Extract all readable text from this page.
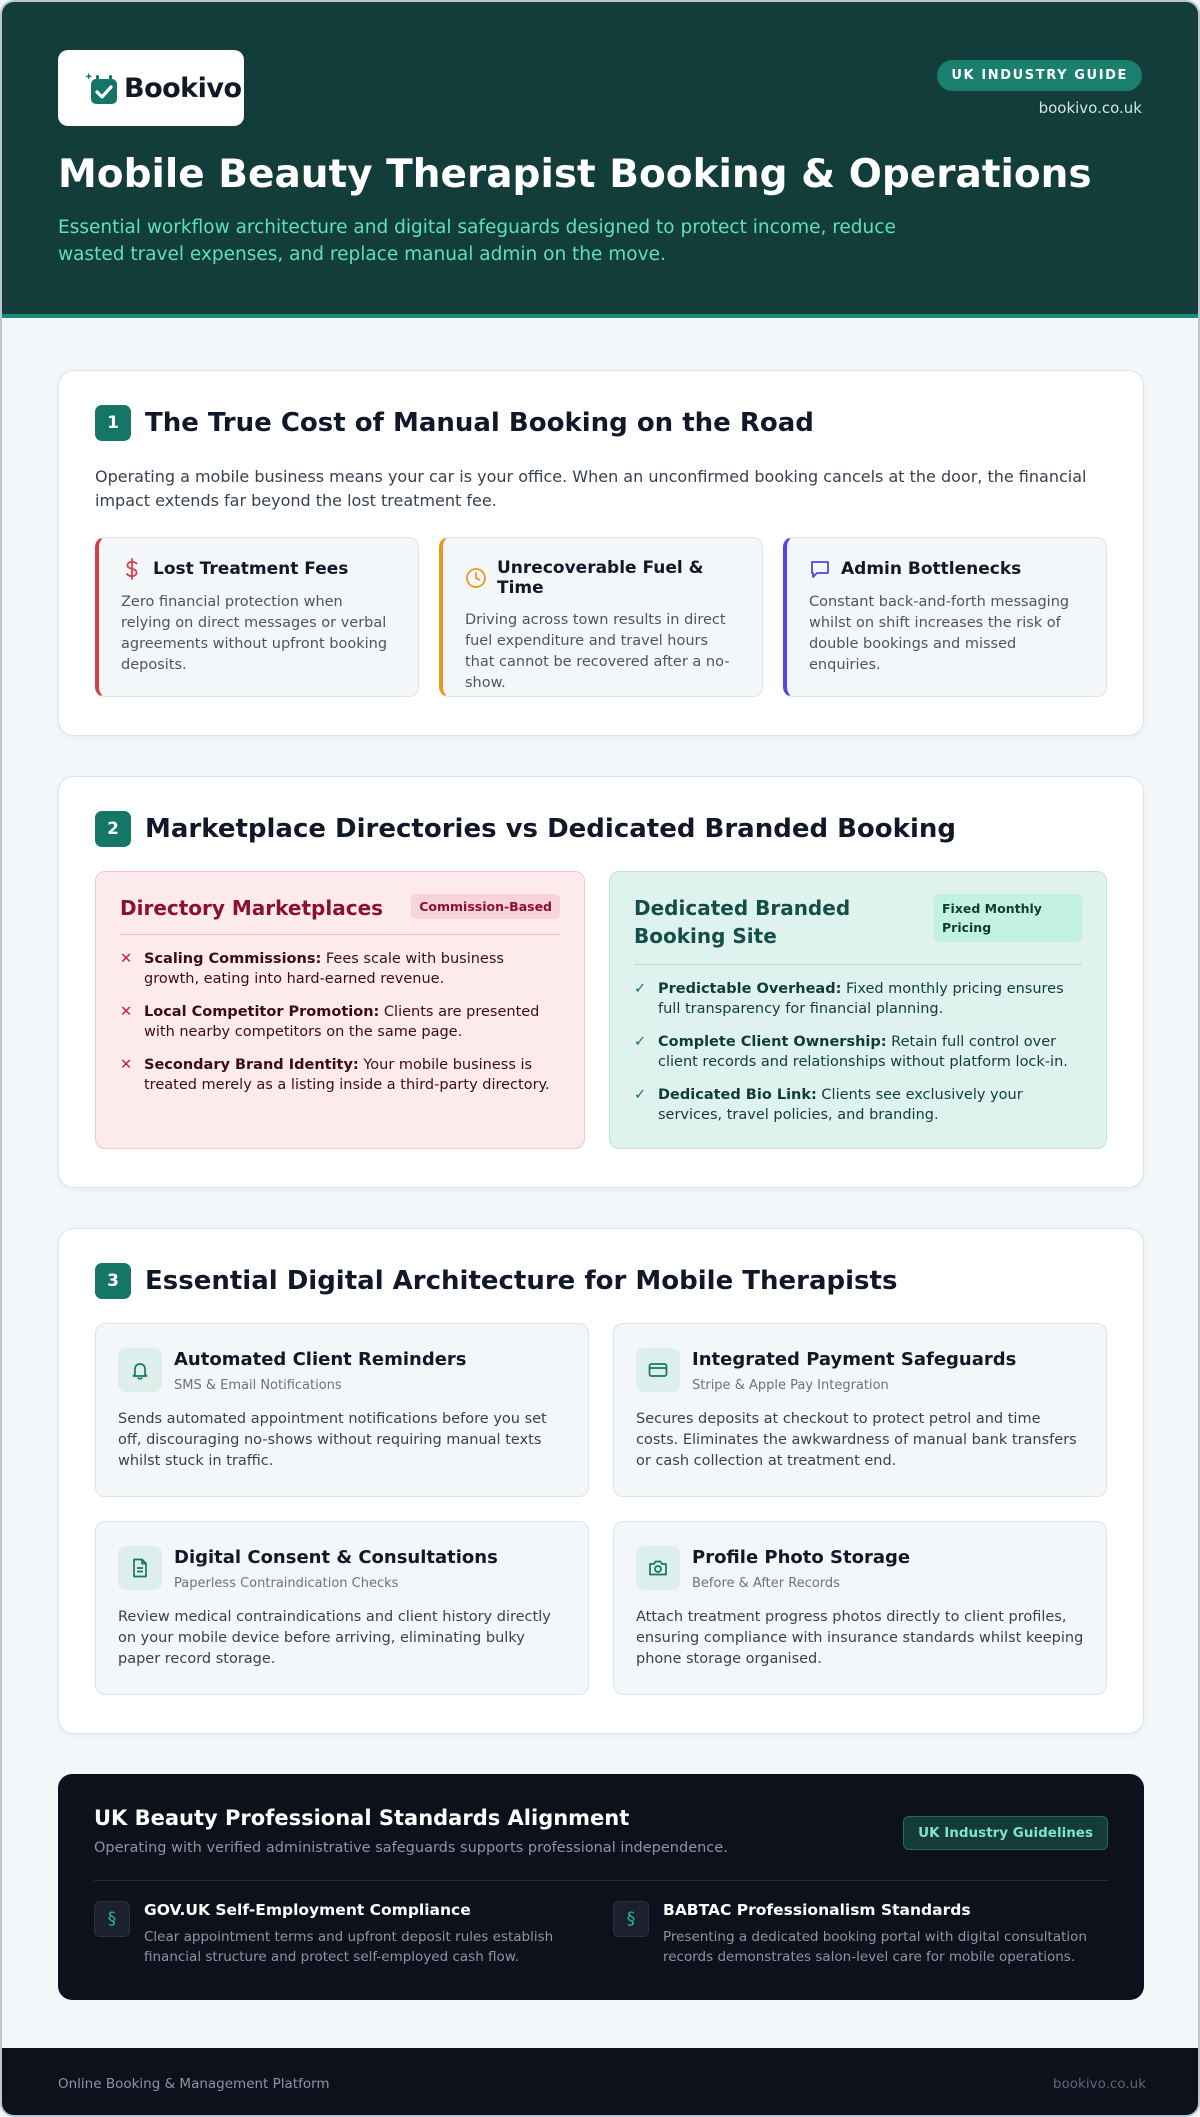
Bookivo	UK INDUSTRY GUIDE
bookivo.co.uk
Mobile Beauty Therapist Booking & Operations

Essential workflow architecture and digital safeguards designed to protect income, reduce wasted travel expenses, and replace manual admin on the move.

1	The True Cost of Manual Booking on the Road

Operating a mobile business means your car is your office. When an unconfirmed booking cancels at the door, the financial impact extends far beyond the lost treatment fee.

Lost Treatment Fees

Zero financial protection when relying on direct messages or verbal agreements without upfront booking deposits.

Unrecoverable Fuel & Time

Driving across town results in direct fuel expenditure and travel hours that cannot be recovered after a no-show.

Admin Bottlenecks

Constant back-and-forth messaging whilst on shift increases the risk of double bookings and missed enquiries.

2	Marketplace Directories vs Dedicated Branded Booking
Directory Marketplaces	Commission-Based
✕ Scaling Commissions: Fees scale with business growth, eating into hard-earned revenue.
✕ Local Competitor Promotion: Clients are presented with nearby competitors on the same page.
✕ Secondary Brand Identity: Your mobile business is treated merely as a listing inside a third-party directory.
Dedicated Branded Booking Site
Fixed Monthly Pricing
✓ Predictable Overhead: Fixed monthly pricing ensures full transparency for financial planning.
✓ Complete Client Ownership: Retain full control over client records and relationships without platform lock-in.
✓ Dedicated Bio Link: Clients see exclusively your services, travel policies, and branding.
3	Essential Digital Architecture for Mobile Therapists
Automated Client Reminders
SMS & Email Notifications

Sends automated appointment notifications before you set off, discouraging no-shows without requiring manual texts whilst stuck in traffic.

Integrated Payment Safeguards
Stripe & Apple Pay Integration

Secures deposits at checkout to protect petrol and time costs. Eliminates the awkwardness of manual bank transfers or cash collection at treatment end.

Digital Consent & Consultations
Paperless Contraindication Checks

Review medical contraindications and client history directly on your mobile device before arriving, eliminating bulky paper record storage.

Profile Photo Storage
Before & After Records

Attach treatment progress photos directly to client profiles, ensuring compliance with insurance standards whilst keeping phone storage organised.

UK Beauty Professional Standards Alignment
Operating with verified administrative safeguards supports professional independence.
UK Industry Guidelines
§	GOV.UK Self-Employment Compliance
Clear appointment terms and upfront deposit rules establish financial structure and protect self-employed cash flow.
§	BABTAC Professionalism Standards
Presenting a dedicated booking portal with digital consultation records demonstrates salon-level care for mobile operations.
Online Booking & Management Platform	bookivo.co.uk
